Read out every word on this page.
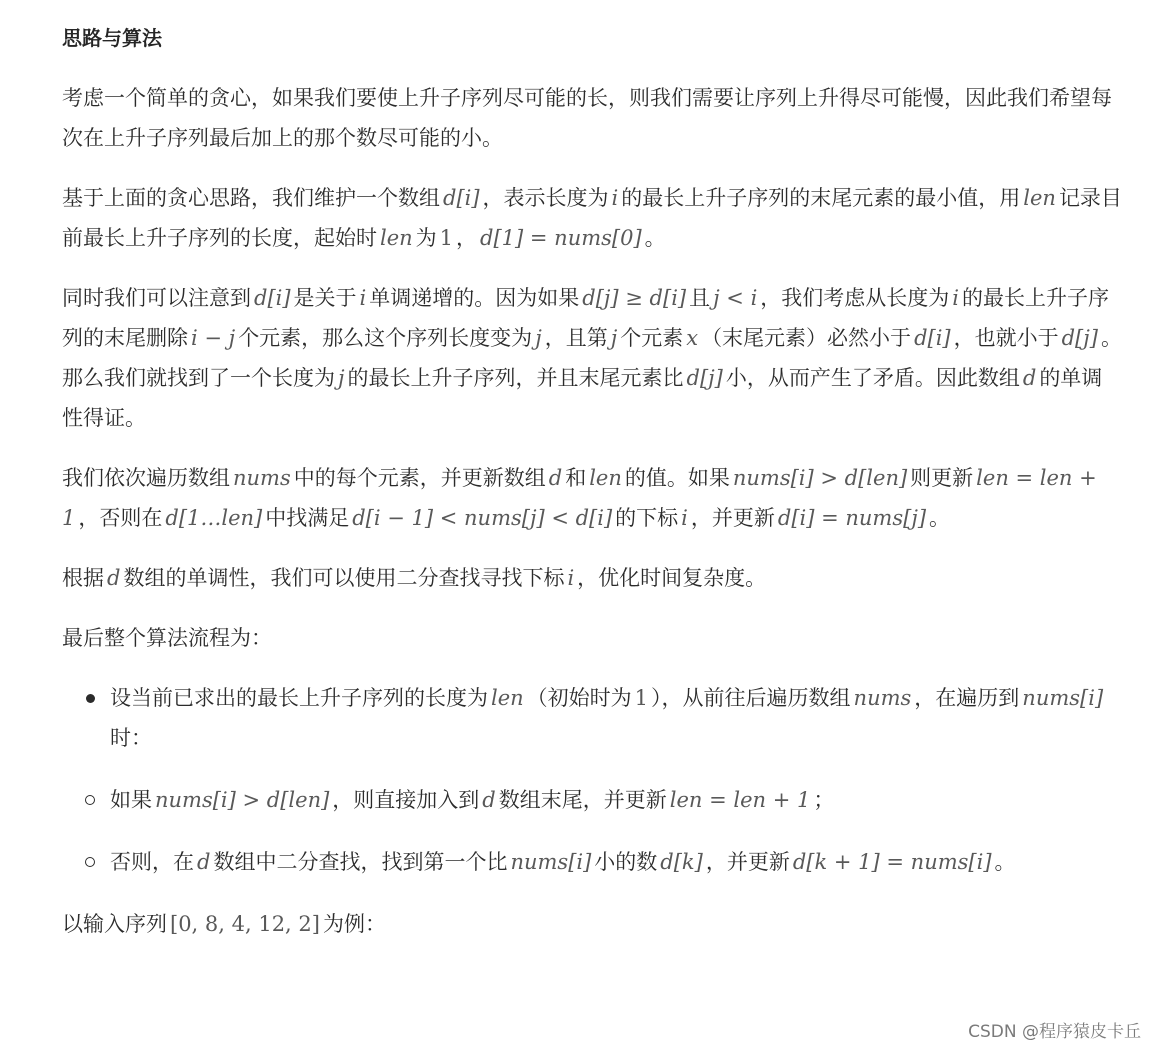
思路与算法

考虑一个简单的贪心，如果我们要使上升子序列尽可能的长，则我们需要让序列上升得尽可能慢，因此我们希望每次在上升子序列最后加上的那个数尽可能的小。

基于上面的贪心思路，我们维护一个数组 d[i] ，表示长度为 i 的最长上升子序列的末尾元素的最小值，用 len 记录目前最长上升子序列的长度，起始时 len 为 1 ， d[1] = nums[0] 。

同时我们可以注意到 d[i] 是关于 i 单调递增的。因为如果 d[j] ≥ d[i] 且 j < i ，我们考虑从长度为 i 的最长上升子序列的末尾删除 i − j 个元素，那么这个序列长度变为 j ，且第 j 个元素 x （末尾元素）必然小于 d[i] ，也就小于 d[j] 。那么我们就找到了一个长度为 j 的最长上升子序列，并且末尾元素比 d[j] 小，从而产生了矛盾。因此数组 d 的单调性得证。

我们依次遍历数组 nums 中的每个元素，并更新数组 d 和 len 的值。如果 nums[i] > d[len] 则更新 len = len + 1 ，否则在 d[1…len] 中找满足 d[i − 1] < nums[j] < d[i] 的下标 i ，并更新 d[i] = nums[j] 。

根据 d 数组的单调性，我们可以使用二分查找寻找下标 i ，优化时间复杂度。

最后整个算法流程为：

设当前已求出的最长上升子序列的长度为 len （初始时为 1 ），从前往后遍历数组 nums ，在遍历到 nums[i]时：
如果 nums[i] > d[len] ，则直接加入到 d 数组末尾，并更新 len = len + 1 ；
否则，在 d 数组中二分查找，找到第一个比 nums[i] 小的数 d[k] ，并更新 d[k + 1] = nums[i] 。

以输入序列 [0, 8, 4, 12, 2] 为例：

CSDN @程序猿皮卡丘
